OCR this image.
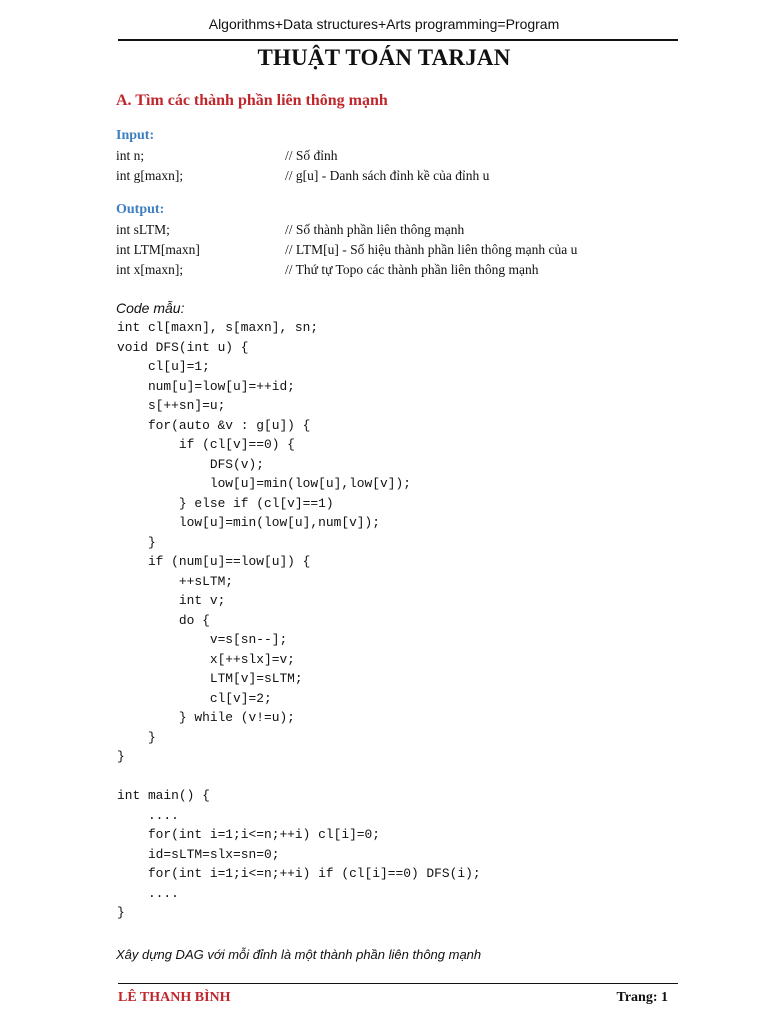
Algorithms+Data structures+Arts programming=Program
THUẬT TOÁN TARJAN
A. Tìm các thành phần liên thông mạnh
Input:
int n;	// Số đỉnh
int g[maxn];	// g[u] - Danh sách đỉnh kề của đỉnh u
Output:
int sLTM;	// Số thành phần liên thông mạnh
int LTM[maxn]	// LTM[u] - Số hiệu thành phần liên thông mạnh của u
int x[maxn];	// Thứ tự Topo các thành phần liên thông mạnh
Code mẫu:
int cl[maxn], s[maxn], sn;
void DFS(int u) {
cl[u]=1;
num[u]=low[u]=++id;
s[++sn]=u;
for(auto &v : g[u]) {
if (cl[v]==0) {
DFS(v);
low[u]=min(low[u],low[v]);
} else if (cl[v]==1)
low[u]=min(low[u],num[v]);
}
if (num[u]==low[u]) {
++sLTM;
int v;
do {
v=s[sn--];
x[++slx]=v;
LTM[v]=sLTM;
cl[v]=2;
} while (v!=u);
}
}
int main() {
....
for(int i=1;i<=n;++i) cl[i]=0;
id=sLTM=slx=sn=0;
for(int i=1;i<=n;++i) if (cl[i]==0) DFS(i);
....
}
Xây dựng DAG với mỗi đỉnh là một thành phần liên thông mạnh
LÊ THANH BÌNH	Trang: 1
